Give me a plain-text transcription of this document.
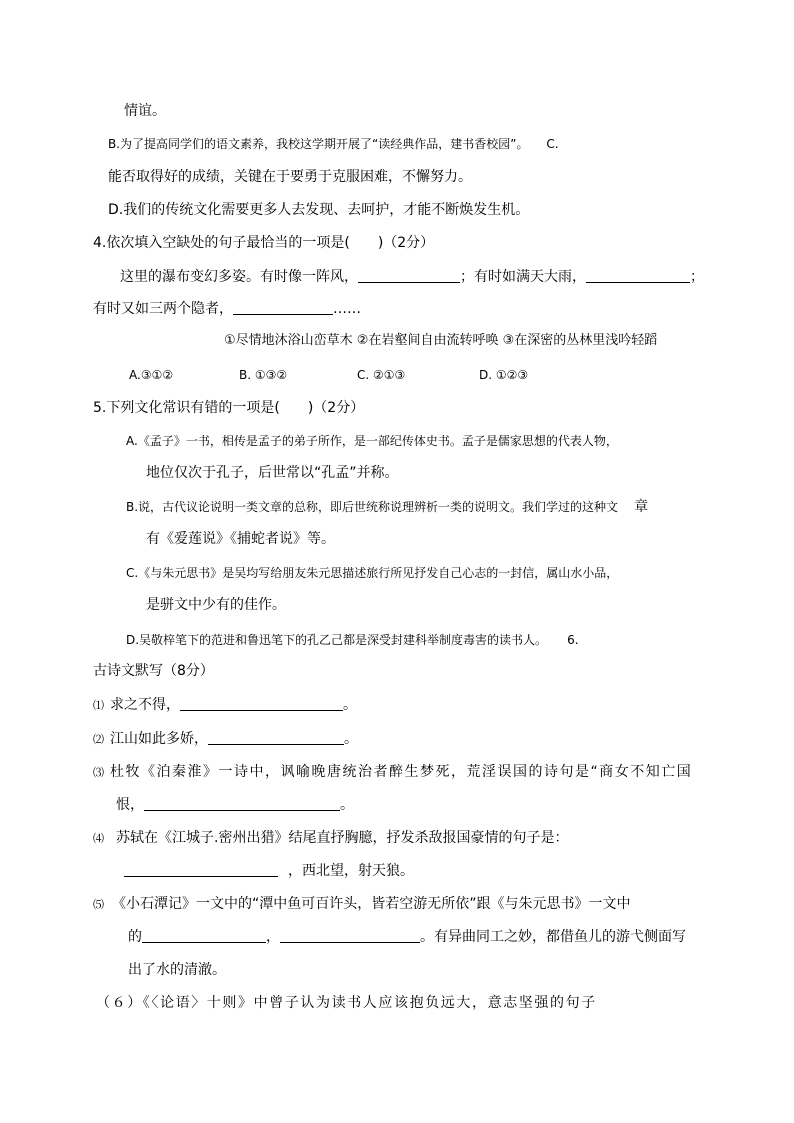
情谊。
B.为了提高同学们的语文素养，我校这学期开展了“读经典作品，建书香校园”。 C.
能否取得好的成绩，关键在于要勇于克服困难，不懈努力。
D.我们的传统文化需要更多人去发现、去呵护，才能不断焕发生机。
4.依次填入空缺处的句子最恰当的一项是(　　)（2分）
这里的瀑布变幻多姿。有时像一阵风，	；有时如满天大雨，	；
有时又如三两个隐者，	……
①尽情地沐浴山峦草木 ②在岩壑间自由流转呼唤 ③在深密的丛林里浅吟轻蹈
A.③①②	B. ①③②	C. ②①③	D. ①②③
5.下列文化常识有错的一项是(　　)（2分）
A.《孟子》一书，相传是孟子的弟子所作，是一部纪传体史书。孟子是儒家思想的代表人物，
地位仅次于孔子，后世常以“孔孟”并称。
B.说，古代议论说明一类文章的总称，即后世统称说理辨析一类的说明文。我们学过的这种文 章
有《爱莲说》《捕蛇者说》等。
C.《与朱元思书》是吴均写给朋友朱元思描述旅行所见抒发自己心志的一封信，属山水小品，
是骈文中少有的佳作。
D.吴敬梓笔下的范进和鲁迅笔下的孔乙己都是深受封建科举制度毒害的读书人。 6.
古诗文默写（8分）
⑴ 求之不得，	。
⑵ 江山如此多娇，	。
⑶ 杜牧《泊秦淮》一诗中，讽喻晚唐统治者醉生梦死，荒淫误国的诗句是“商女不知亡国
恨，	。
⑷ 苏轼在《江城子.密州出猎》结尾直抒胸臆，抒发杀敌报国豪情的句子是：
，西北望，射天狼。
⑸ 《小石潭记》一文中的“潭中鱼可百许头，皆若空游无所依”跟《与朱元思书》一文中
的	，	。有异曲同工之妙，都借鱼儿的游弋侧面写
出了水的清澈。
（６）《〈论语〉十则》中曾子认为读书人应该抱负远大，意志坚强的句子
